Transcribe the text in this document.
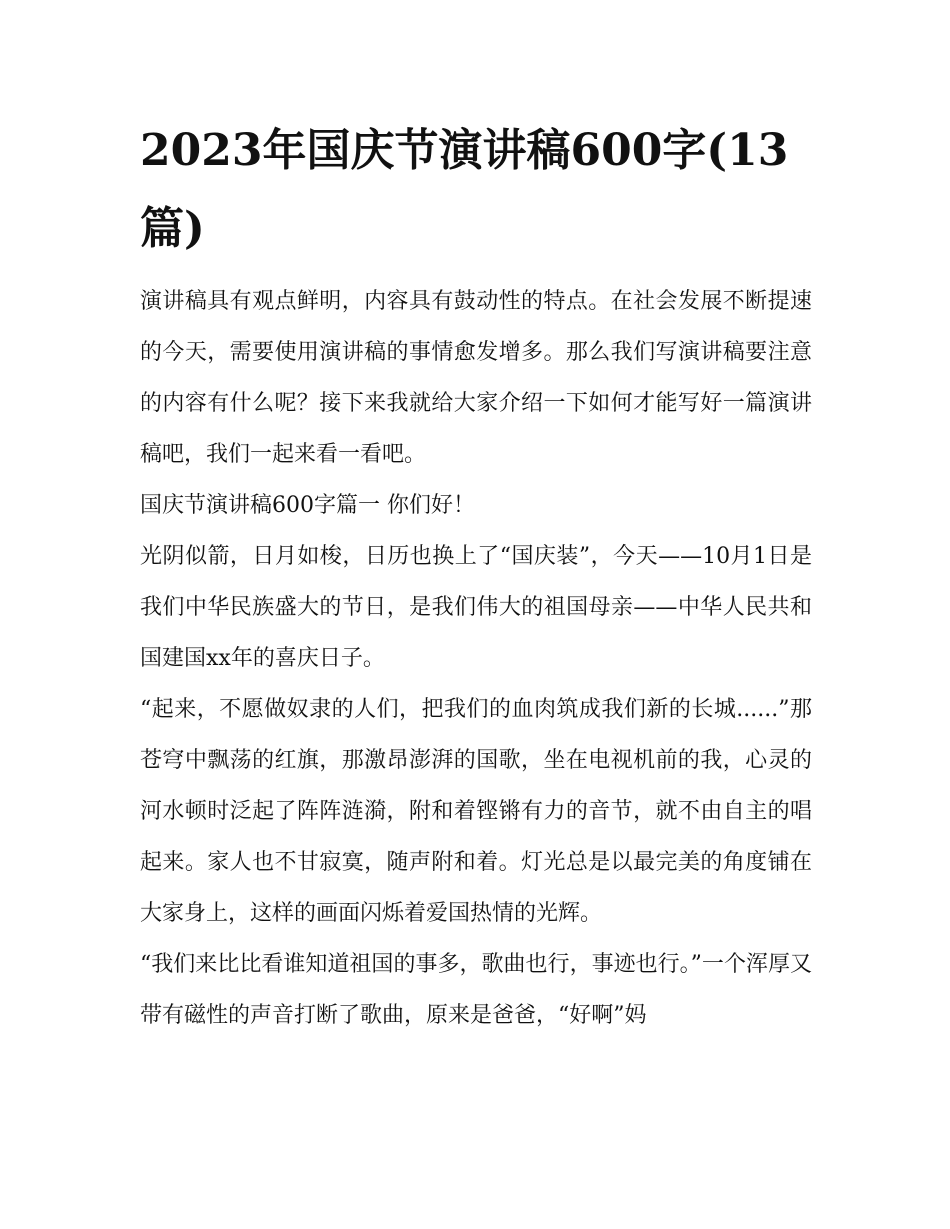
2023年国庆节演讲稿600字(13篇)

演讲稿具有观点鲜明，内容具有鼓动性的特点。在社会发展不断提速的今天，需要使用演讲稿的事情愈发增多。那么我们写演讲稿要注意的内容有什么呢？接下来我就给大家介绍一下如何才能写好一篇演讲稿吧，我们一起来看一看吧。

国庆节演讲稿600字篇一 你们好！

光阴似箭，日月如梭，日历也换上了“国庆装”，今天——10月1日是我们中华民族盛大的节日，是我们伟大的祖国母亲——中华人民共和国建国xx年的喜庆日子。

“起来，不愿做奴隶的人们，把我们的血肉筑成我们新的长城......”那苍穹中飘荡的红旗，那激昂澎湃的国歌，坐在电视机前的我，心灵的河水顿时泛起了阵阵涟漪，附和着铿锵有力的音节，就不由自主的唱起来。家人也不甘寂寞，随声附和着。灯光总是以最完美的角度铺在大家身上，这样的画面闪烁着爱国热情的光辉。

“我们来比比看谁知道祖国的事多，歌曲也行，事迹也行。”一个浑厚又带有磁性的声音打断了歌曲，原来是爸爸，“好啊”妈
